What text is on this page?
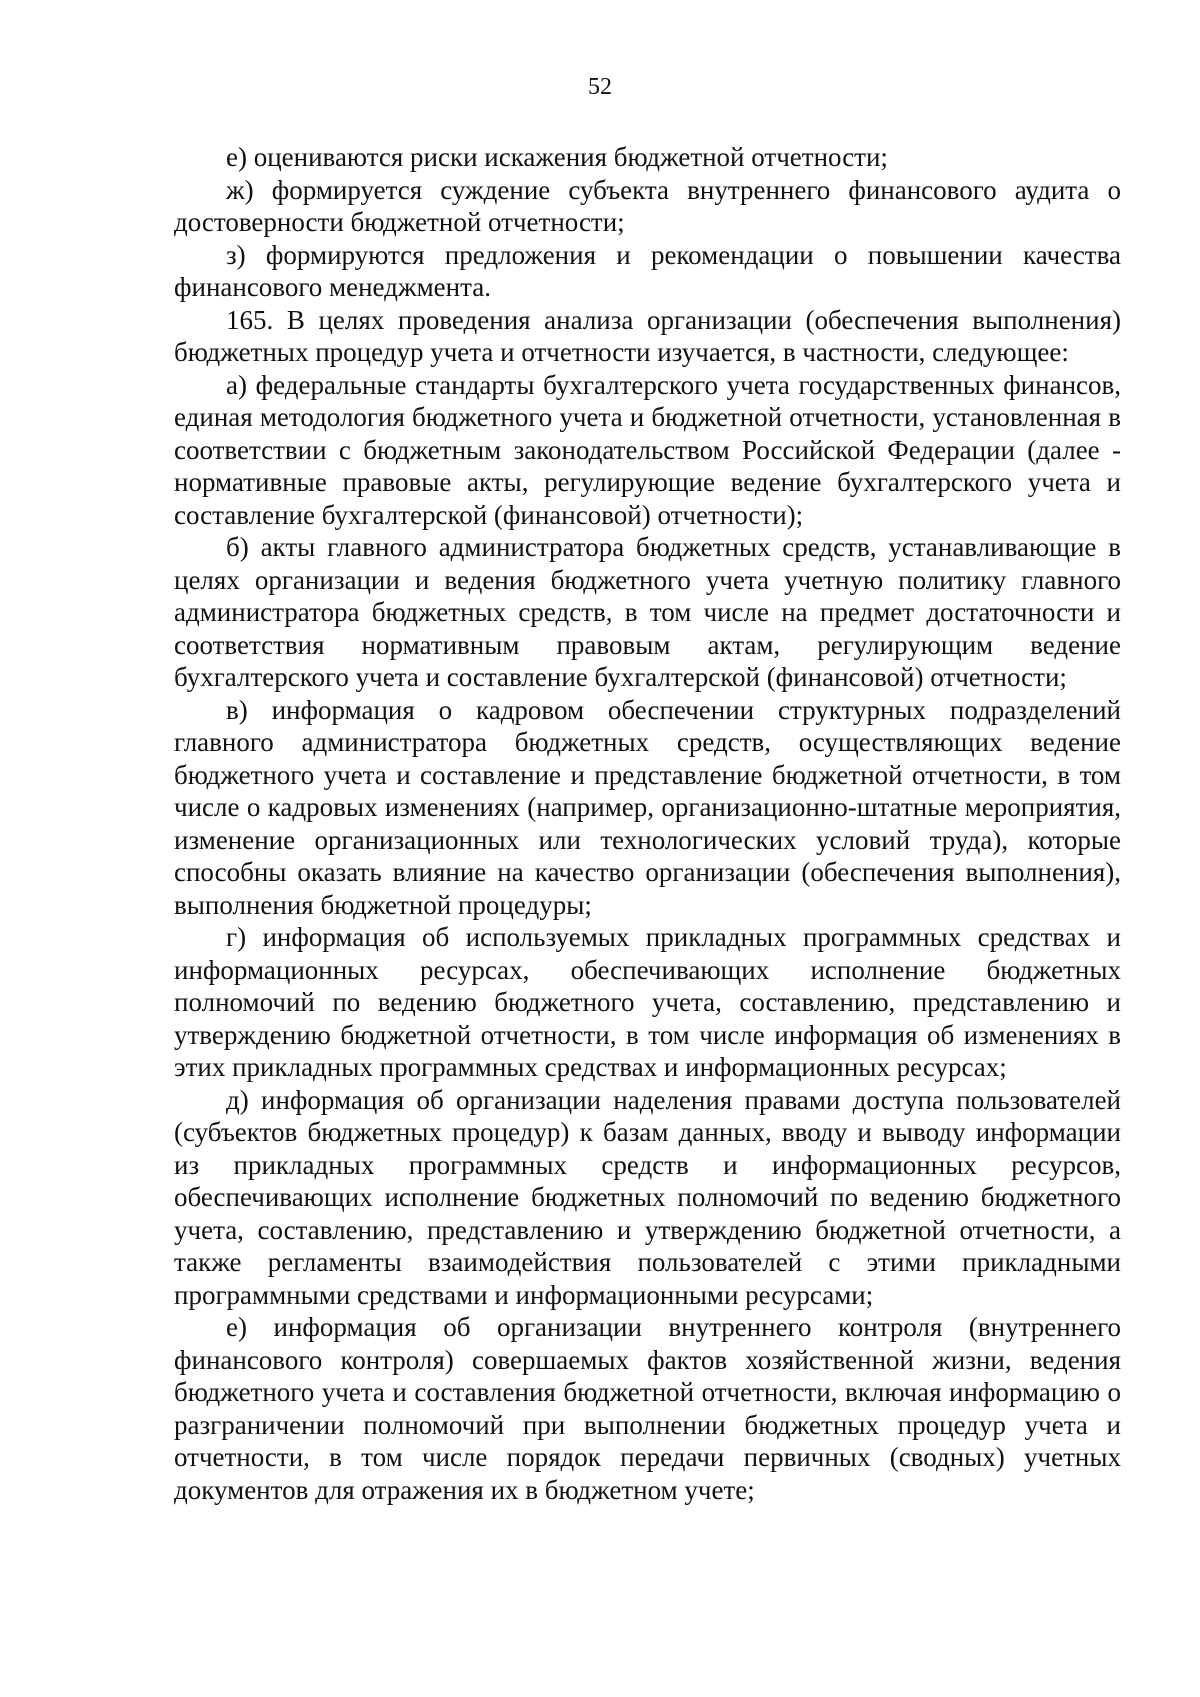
52

е) оцениваются риски искажения бюджетной отчетности;

ж) формируется суждение субъекта внутреннего финансового аудита о достоверности бюджетной отчетности;

з) формируются предложения и рекомендации о повышении качества финансового менеджмента.

165. В целях проведения анализа организации (обеспечения выполнения) бюджетных процедур учета и отчетности изучается, в частности, следующее:

а) федеральные стандарты бухгалтерского учета государственных финансов, единая методология бюджетного учета и бюджетной отчетности, установленная в соответствии с бюджетным законодательством Российской Федерации (далее - нормативные правовые акты, регулирующие ведение бухгалтерского учета и составление бухгалтерской (финансовой) отчетности);

б) акты главного администратора бюджетных средств, устанавливающие в целях организации и ведения бюджетного учета учетную политику главного администратора бюджетных средств, в том числе на предмет достаточности и соответствия нормативным правовым актам, регулирующим ведение бухгалтерского учета и составление бухгалтерской (финансовой) отчетности;

в) информация о кадровом обеспечении структурных подразделений главного администратора бюджетных средств, осуществляющих ведение бюджетного учета и составление и представление бюджетной отчетности, в том числе о кадровых изменениях (например, организационно-штатные мероприятия, изменение организационных или технологических условий труда), которые способны оказать влияние на качество организации (обеспечения выполнения), выполнения бюджетной процедуры;

г) информация об используемых прикладных программных средствах и информационных ресурсах, обеспечивающих исполнение бюджетных полномочий по ведению бюджетного учета, составлению, представлению и утверждению бюджетной отчетности, в том числе информация об изменениях в этих прикладных программных средствах и информационных ресурсах;

д) информация об организации наделения правами доступа пользователей (субъектов бюджетных процедур) к базам данных, вводу и выводу информации из прикладных программных средств и информационных ресурсов, обеспечивающих исполнение бюджетных полномочий по ведению бюджетного учета, составлению, представлению и утверждению бюджетной отчетности, а также регламенты взаимодействия пользователей с этими прикладными программными средствами и информационными ресурсами;

е) информация об организации внутреннего контроля (внутреннего финансового контроля) совершаемых фактов хозяйственной жизни, ведения бюджетного учета и составления бюджетной отчетности, включая информацию о разграничении полномочий при выполнении бюджетных процедур учета и отчетности, в том числе порядок передачи первичных (сводных) учетных документов для отражения их в бюджетном учете;
